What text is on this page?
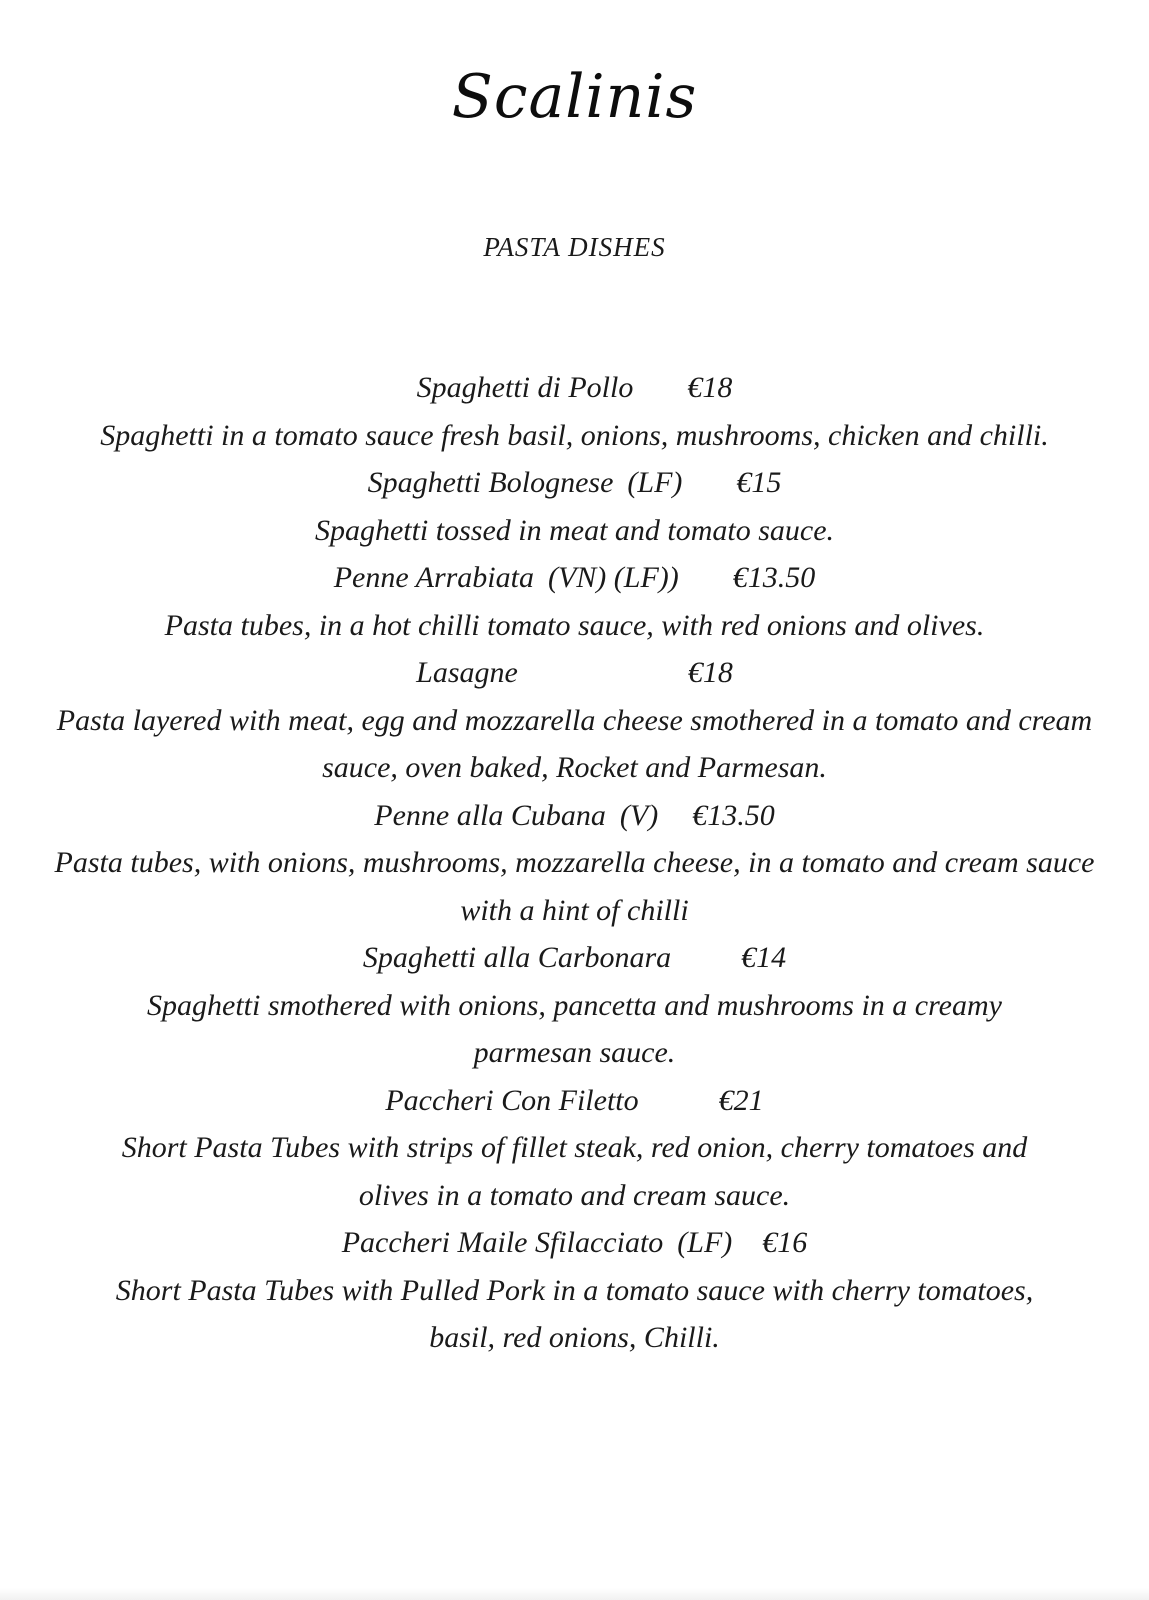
Scalinis
PASTA DISHES
Spaghetti di Pollo €18
Spaghetti in a tomato sauce fresh basil, onions, mushrooms, chicken and chilli.
Spaghetti Bolognese (LF) €15
Spaghetti tossed in meat and tomato sauce.
Penne Arrabiata (VN) (LF)) €13.50
Pasta tubes, in a hot chilli tomato sauce, with red onions and olives.
Lasagne	€18
Pasta layered with meat, egg and mozzarella cheese smothered in a tomato and cream sauce, oven baked, Rocket and Parmesan.
Penne alla Cubana (V) €13.50
Pasta tubes, with onions, mushrooms, mozzarella cheese, in a tomato and cream sauce with a hint of chilli
Spaghetti alla Carbonara €14
Spaghetti smothered with onions, pancetta and mushrooms in a creamy parmesan sauce.
Paccheri Con Filetto	€21
Short Pasta Tubes with strips of fillet steak, red onion, cherry tomatoes and olives in a tomato and cream sauce.
Paccheri Maile Sfilacciato (LF) €16
Short Pasta Tubes with Pulled Pork in a tomato sauce with cherry tomatoes, basil, red onions, Chilli.
